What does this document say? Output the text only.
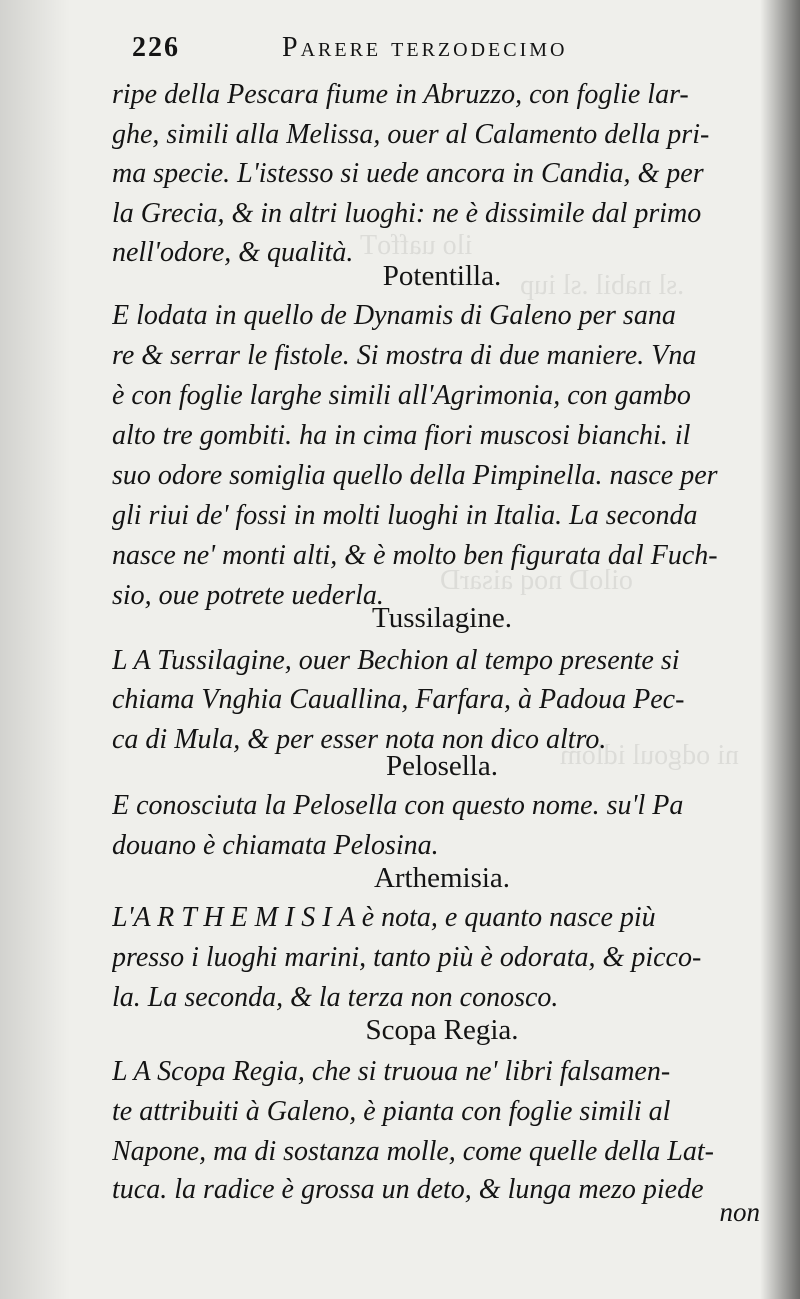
ilo uaffoT
.sl nabil .sl iup
oiloD noq aisarD
ni odgoul idlom
226	Parere terzodecimo
ripe della Pescara fiume in Abruzzo, con foglie lar-
ghe, simili alla Melissa, ouer al Calamento della pri-
ma specie. L'istesso si uede ancora in Candia, & per
la Grecia, & in altri luoghi: ne è dissimile dal primo
nell'odore, & qualità.
Potentilla.
E lodata in quello de Dynamis di Galeno per sana
re & serrar le fistole. Si mostra di due maniere. Vna
è con foglie larghe simili all'Agrimonia, con gambo
alto tre gombiti. ha in cima fiori muscosi bianchi. il
suo odore somiglia quello della Pimpinella. nasce per
gli riui de' fossi in molti luoghi in Italia. La seconda
nasce ne' monti alti, & è molto ben figurata dal Fuch-
sio, oue potrete uederla.
Tussilagine.
L A Tussilagine, ouer Bechion al tempo presente si
chiama Vnghia Cauallina, Farfara, à Padoua Pec-
ca di Mula, & per esser nota non dico altro.
Pelosella.
E conosciuta la Pelosella con questo nome. su'l Pa
douano è chiamata Pelosina.
Arthemisia.
L'A R T H E M I S I A è nota, e quanto nasce più
presso i luoghi marini, tanto più è odorata, & picco-
la. La seconda, & la terza non conosco.
Scopa Regia.
L A Scopa Regia, che si truoua ne' libri falsamen-
te attribuiti à Galeno, è pianta con foglie simili al
Napone, ma di sostanza molle, come quelle della Lat-
tuca. la radice è grossa un deto, & lunga mezo piede
non
